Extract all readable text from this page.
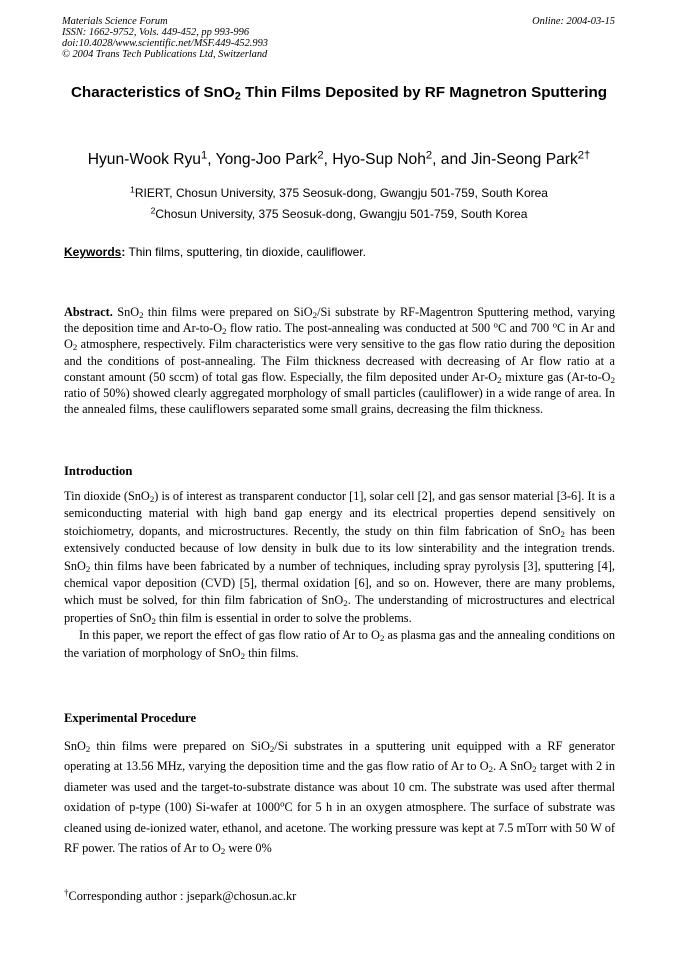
Materials Science Forum
ISSN: 1662-9752, Vols. 449-452, pp 993-996
doi:10.4028/www.scientific.net/MSF.449-452.993
© 2004 Trans Tech Publications Ltd, Switzerland
Online: 2004-03-15
Characteristics of SnO$_2$ Thin Films Deposited by RF Magnetron Sputtering
Hyun-Wook Ryu$^1$, Yong-Joo Park$^2$, Hyo-Sup Noh$^2$, and Jin-Seong Park$^{2\dagger}$
$^1$RIERT, Chosun University, 375 Seosuk-dong, Gwangju 501-759, South Korea
$^2$Chosun University, 375 Seosuk-dong, Gwangju 501-759, South Korea
Keywords: Thin films, sputtering, tin dioxide, cauliflower.
Abstract. SnO$_2$ thin films were prepared on SiO$_2$/Si substrate by RF-Magentron Sputtering method, varying the deposition time and $Ar-to-O_2$ flow ratio. The post-annealing was conducted at 500 $^o$C and 700 $^o$C in Ar and $O_2$ atmosphere, respectively. Film characteristics were very sensitive to the gas flow ratio during the deposition and the conditions of post-annealing. The Film thickness decreased with decreasing of Ar flow ratio at a constant amount (50 sccm) of total gas flow. Especially, the film deposited under $Ar-O_2$ mixture gas ($Ar-to-O_2$ ratio of 50%) showed clearly aggregated morphology of small particles (cauliflower) in a wide range of area. In the annealed films, these cauliflowers separated some small grains, decreasing the film thickness.
Introduction

Tin dioxide (SnO$_2$) is of interest as transparent conductor [1], solar cell [2], and gas sensor material [3-6]. It is a semiconducting material with high band gap energy and its electrical properties depend sensitively on stoichiometry, dopants, and microstructures. Recently, the study on thin film fabrication of SnO$_2$ has been extensively conducted because of low density in bulk due to its low sinterability and the integration trends. SnO$_2$ thin films have been fabricated by a number of techniques, including spray pyrolysis [3], sputtering [4], chemical vapor deposition (CVD) [5], thermal oxidation [6], and so on. However, there are many problems, which must be solved, for thin film fabrication of SnO$_2$. The understanding of microstructures and electrical properties of SnO$_2$ thin film is essential in order to solve the problems.

In this paper, we report the effect of gas flow ratio of Ar to $O_2$ as plasma gas and the annealing conditions on the variation of morphology of SnO$_2$ thin films.

Experimental Procedure
SnO$_2$ thin films were prepared on SiO$_2$/Si substrates in a sputtering unit equipped with a RF generator operating at 13.56 MHz, varying the deposition time and the gas flow ratio of Ar to $O_2$. A SnO$_2$ target with 2 in diameter was used and the target-to-substrate distance was about 10 cm. The substrate was used after thermal oxidation of p-type (100) Si-wafer at 1000$^o$C for 5 h in an oxygen atmosphere. The surface of substrate was cleaned using de-ionized water, ethanol, and acetone. The working pressure was kept at 7.5 mTorr with 50 W of RF power. The ratios of Ar to $O_2$ were 0%
†Corresponding author : jsepark@chosun.ac.kr
